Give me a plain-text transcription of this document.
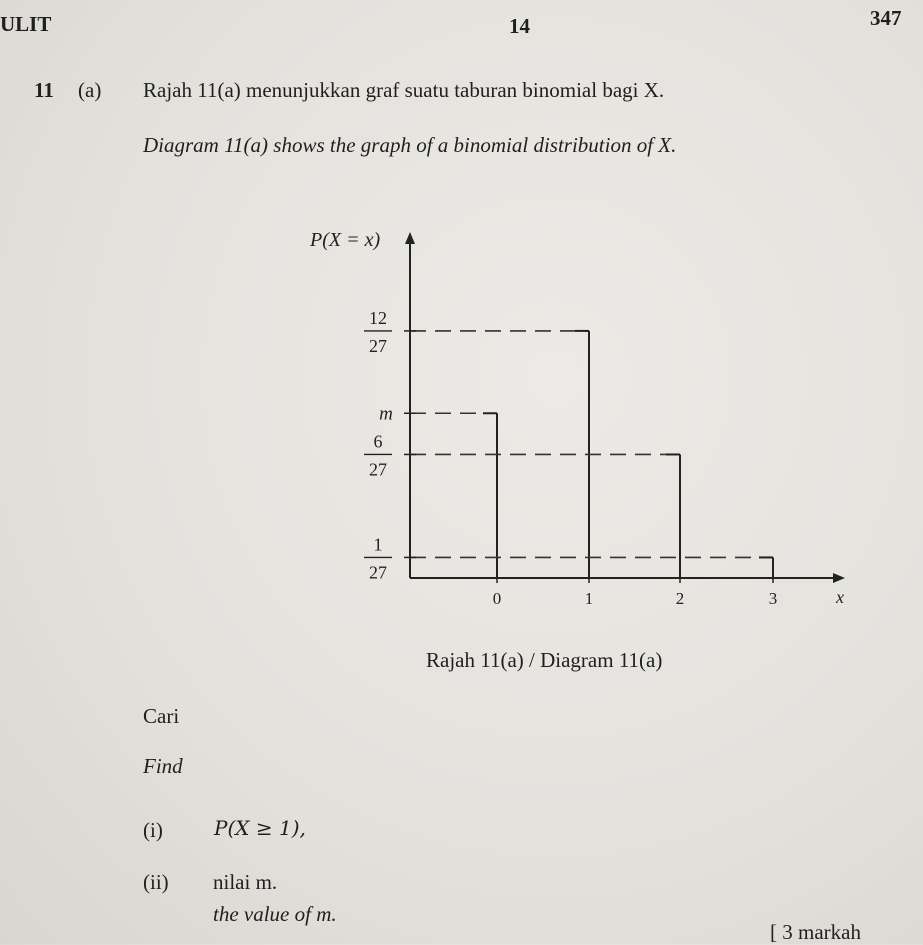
ULIT	14	347
11 (a) Rajah 11(a) menunjukkan graf suatu taburan binomial bagi X.
Diagram 11(a) shows the graph of a binomial distribution of X.
P(X = x)
x
0	1	2	3
12
27
m
6
27
1
27
Rajah 11(a) / Diagram 11(a)
Cari
Find
(i)	P(X ≥ 1),
(ii) nilai m.
the value of m.
[ 3 markah
